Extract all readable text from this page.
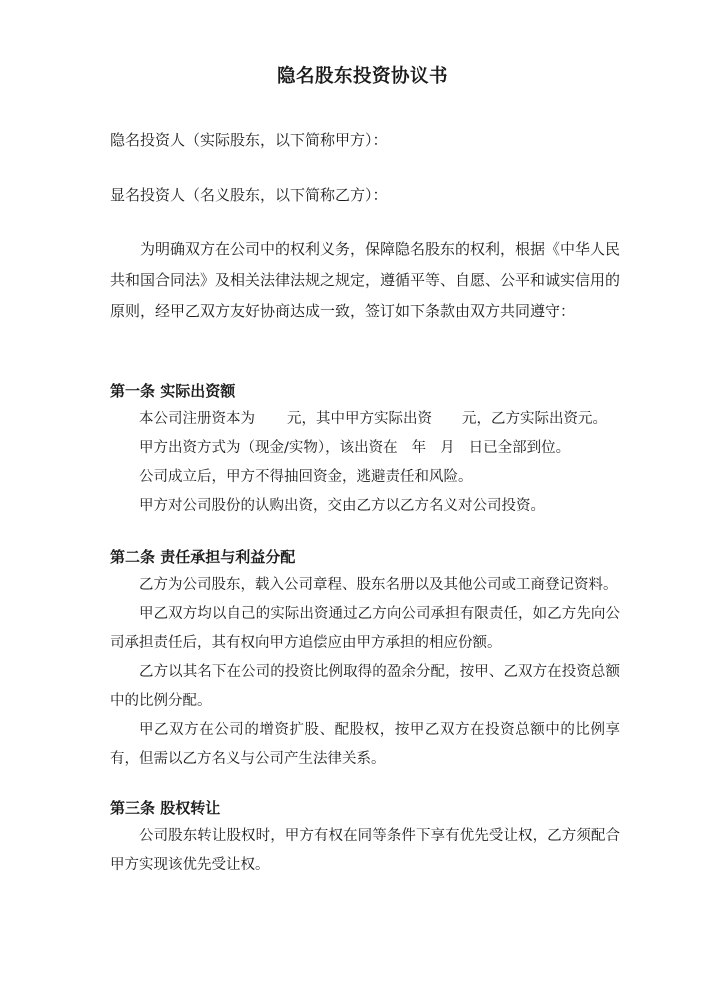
隐名股东投资协议书
隐名投资人（实际股东，以下简称甲方）：
显名投资人（名义股东，以下简称乙方）：
为明确双方在公司中的权利义务，保障隐名股东的权利，根据《中华人民共和国合同法》及相关法律法规之规定，遵循平等、自愿、公平和诚实信用的原则，经甲乙双方友好协商达成一致，签订如下条款由双方共同遵守：
第一条 实际出资额
本公司注册资本为 元，其中甲方实际出资 元，乙方实际出资元。
甲方出资方式为（现金/实物），该出资在 年 月 日已全部到位。
公司成立后，甲方不得抽回资金，逃避责任和风险。
甲方对公司股份的认购出资，交由乙方以乙方名义对公司投资。
第二条 责任承担与利益分配
乙方为公司股东，载入公司章程、股东名册以及其他公司或工商登记资料。
甲乙双方均以自己的实际出资通过乙方向公司承担有限责任，如乙方先向公司承担责任后，其有权向甲方追偿应由甲方承担的相应份额。
乙方以其名下在公司的投资比例取得的盈余分配，按甲、乙双方在投资总额中的比例分配。
甲乙双方在公司的增资扩股、配股权，按甲乙双方在投资总额中的比例享有，但需以乙方名义与公司产生法律关系。
第三条 股权转让
公司股东转让股权时，甲方有权在同等条件下享有优先受让权，乙方须配合甲方实现该优先受让权。
